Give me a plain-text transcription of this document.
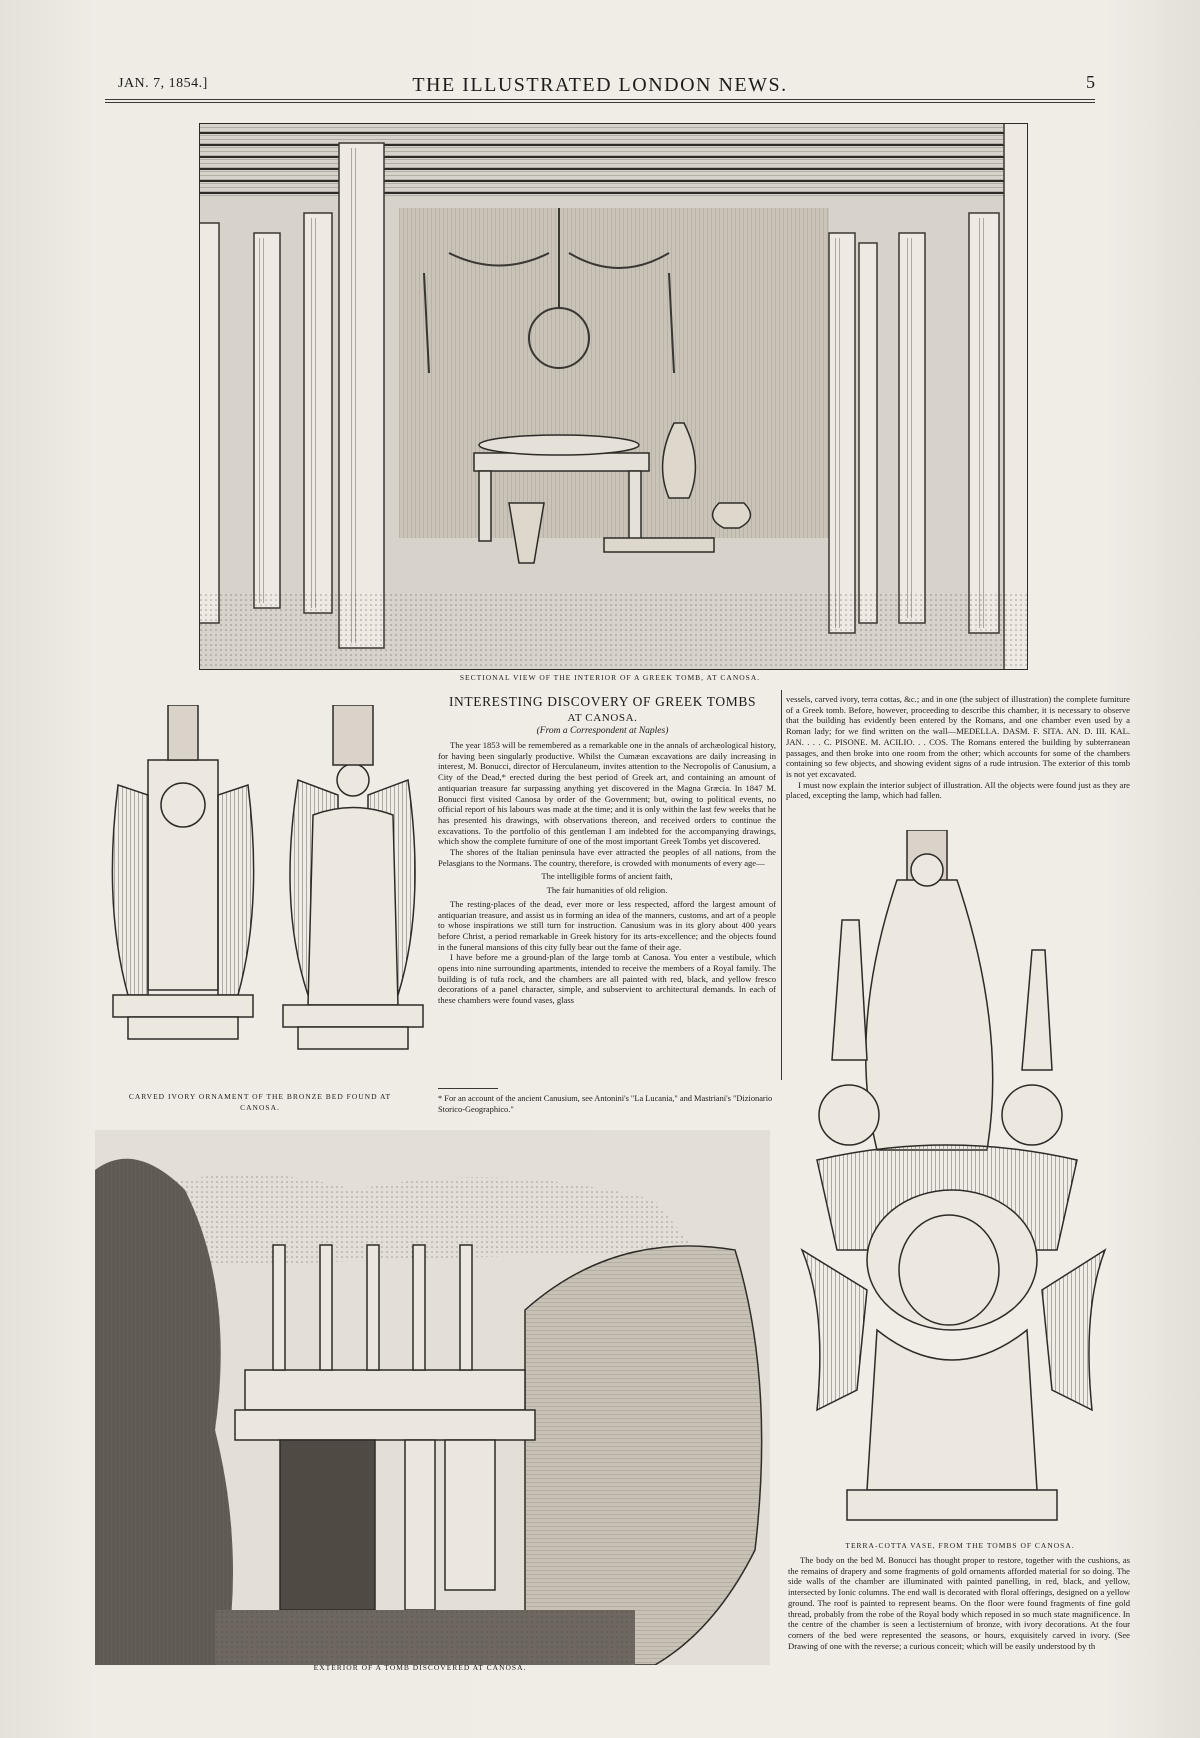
JAN. 7, 1854.]	THE ILLUSTRATED LONDON NEWS.	5
SECTIONAL VIEW OF THE INTERIOR OF A GREEK TOMB, AT CANOSA.
CARVED IVORY ORNAMENT OF THE BRONZE BED FOUND AT CANOSA.
INTERESTING DISCOVERY OF GREEK TOMBS
AT CANOSA.
(From a Correspondent at Naples)

The year 1853 will be remembered as a remarkable one in the annals of archæological history, for having been singularly productive. Whilst the Cumæan excavations are daily increasing in interest, M. Bonucci, director of Herculaneum, invites attention to the Necropolis of Canusium, a City of the Dead,* erected during the best period of Greek art, and containing an amount of antiquarian treasure far surpassing anything yet discovered in the Magna Græcia. In 1847 M. Bonucci first visited Canosa by order of the Government; but, owing to political events, no official report of his labours was made at the time; and it is only within the last few weeks that he has presented his drawings, with observations thereon, and received orders to continue the excavations. To the portfolio of this gentleman I am indebted for the accompanying drawings, which show the complete furniture of one of the most important Greek Tombs yet discovered.

The shores of the Italian peninsula have ever attracted the peoples of all nations, from the Pelasgians to the Normans. The country, therefore, is crowded with monuments of every age—

The intelligible forms of ancient faith,
The fair humanities of old religion.

The resting-places of the dead, ever more or less respected, afford the largest amount of antiquarian treasure, and assist us in forming an idea of the manners, customs, and art of a people to whose inspirations we still turn for instruction. Canusium was in its glory about 400 years before Christ, a period remarkable in Greek history for its arts-excellence; and the objects found in the funeral mansions of this city fully bear out the fame of their age.

I have before me a ground-plan of the large tomb at Canosa. You enter a vestibule, which opens into nine surrounding apartments, intended to receive the members of a Royal family. The building is of tufa rock, and the chambers are all painted with red, black, and yellow fresco decorations of a panel character, simple, and subservient to architectural demands. In each of these chambers were found vases, glass

* For an account of the ancient Canusium, see Antonini's "La Lucania," and Mastriani's "Dizionario Storico-Geographico."

vessels, carved ivory, terra cottas, &c.; and in one (the subject of illustration) the complete furniture of a Greek tomb. Before, however, proceeding to describe this chamber, it is necessary to observe that the building has evidently been entered by the Romans, and one chamber even used by a Roman lady; for we find written on the wall—MEDELLA. DASM. F. SITA. AN. D. III. KAL. JAN. . . . C. PISONE. M. ACILIO. . . COS. The Romans entered the building by subterranean passages, and then broke into one room from the other; which accounts for some of the chambers containing so few objects, and showing evident signs of a rude intrusion. The exterior of this tomb is not yet excavated.

I must now explain the interior subject of illustration. All the objects were found just as they are placed, excepting the lamp, which had fallen.

TERRA-COTTA VASE, FROM THE TOMBS OF CANOSA.

The body on the bed M. Bonucci has thought proper to restore, together with the cushions, as the remains of drapery and some fragments of gold ornaments afforded material for so doing. The side walls of the chamber are illuminated with painted panelling, in red, black, and yellow, intersected by Ionic columns. The end wall is decorated with floral offerings, designed on a yellow ground. The roof is painted to represent beams. On the floor were found fragments of fine gold thread, probably from the robe of the Royal body which reposed in so much state magnificence. In the centre of the chamber is seen a lectisternium of bronze, with ivory decorations. At the four corners of the bed were represented the seasons, or hours, exquisitely carved in ivory. (See Drawing of one with the reverse; a curious conceit; which will be easily understood by th

EXTERIOR OF A TOMB DISCOVERED AT CANOSA.
